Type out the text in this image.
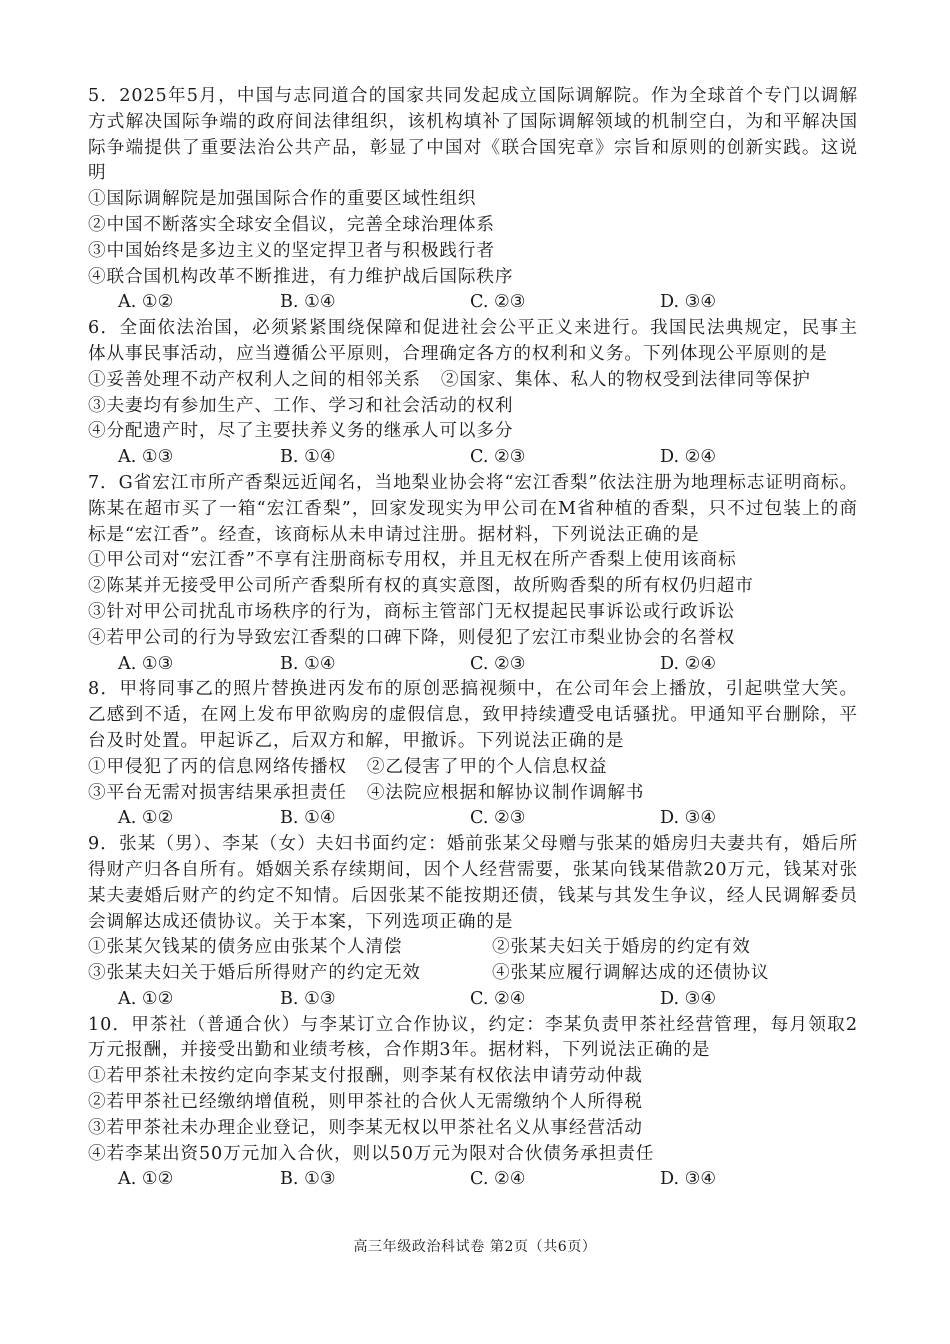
5．2025年5月，中国与志同道合的国家共同发起成立国际调解院。作为全球首个专门以调解方式解决国际争端的政府间法律组织，该机构填补了国际调解领域的机制空白，为和平解决国际争端提供了重要法治公共产品，彰显了中国对《联合国宪章》宗旨和原则的创新实践。这说明

①国际调解院是加强国际合作的重要区域性组织

②中国不断落实全球安全倡议，完善全球治理体系

③中国始终是多边主义的坚定捍卫者与积极践行者

④联合国机构改革不断推进，有力维护战后国际秩序

A. ①②	B. ①④	C. ②③	D. ③④

6．全面依法治国，必须紧紧围绕保障和促进社会公平正义来进行。我国民法典规定，民事主体从事民事活动，应当遵循公平原则，合理确定各方的权利和义务。下列体现公平原则的是

①妥善处理不动产权利人之间的相邻关系 ②国家、集体、私人的物权受到法律同等保护

③夫妻均有参加生产、工作、学习和社会活动的权利

④分配遗产时，尽了主要扶养义务的继承人可以多分

A. ①③	B. ①④	C. ②③	D. ②④

7．G省宏江市所产香梨远近闻名，当地梨业协会将“宏江香梨”依法注册为地理标志证明商标。陈某在超市买了一箱“宏江香梨”，回家发现实为甲公司在M省种植的香梨，只不过包装上的商标是“宏江香”。经查，该商标从未申请过注册。据材料，下列说法正确的是

①甲公司对“宏江香”不享有注册商标专用权，并且无权在所产香梨上使用该商标

②陈某并无接受甲公司所产香梨所有权的真实意图，故所购香梨的所有权仍归超市

③针对甲公司扰乱市场秩序的行为，商标主管部门无权提起民事诉讼或行政诉讼

④若甲公司的行为导致宏江香梨的口碑下降，则侵犯了宏江市梨业协会的名誉权

A. ①③	B. ①④	C. ②③	D. ②④

8．甲将同事乙的照片替换进丙发布的原创恶搞视频中，在公司年会上播放，引起哄堂大笑。乙感到不适，在网上发布甲欲购房的虚假信息，致甲持续遭受电话骚扰。甲通知平台删除，平台及时处置。甲起诉乙，后双方和解，甲撤诉。下列说法正确的是

①甲侵犯了丙的信息网络传播权 ②乙侵害了甲的个人信息权益
③平台无需对损害结果承担责任 ④法院应根据和解协议制作调解书
A. ①②	B. ①④	C. ②③	D. ③④

9．张某（男）、李某（女）夫妇书面约定：婚前张某父母赠与张某的婚房归夫妻共有，婚后所得财产归各自所有。婚姻关系存续期间，因个人经营需要，张某向钱某借款20万元，钱某对张某夫妻婚后财产的约定不知情。后因张某不能按期还债，钱某与其发生争议，经人民调解委员会调解达成还债协议。关于本案，下列选项正确的是

①张某欠钱某的债务应由张某个人清偿	②张某夫妇关于婚房的约定有效
③张某夫妇关于婚后所得财产的约定无效	④张某应履行调解达成的还债协议
A. ①②	B. ①③	C. ②④	D. ③④

10．甲茶社（普通合伙）与李某订立合作协议，约定：李某负责甲茶社经营管理，每月领取2万元报酬，并接受出勤和业绩考核，合作期3年。据材料，下列说法正确的是

①若甲茶社未按约定向李某支付报酬，则李某有权依法申请劳动仲裁

②若甲茶社已经缴纳增值税，则甲茶社的合伙人无需缴纳个人所得税

③若甲茶社未办理企业登记，则李某无权以甲茶社名义从事经营活动

④若李某出资50万元加入合伙，则以50万元为限对合伙债务承担责任

A. ①②	B. ①③	C. ②④	D. ③④
高三年级政治科试卷 第2页（共6页）
